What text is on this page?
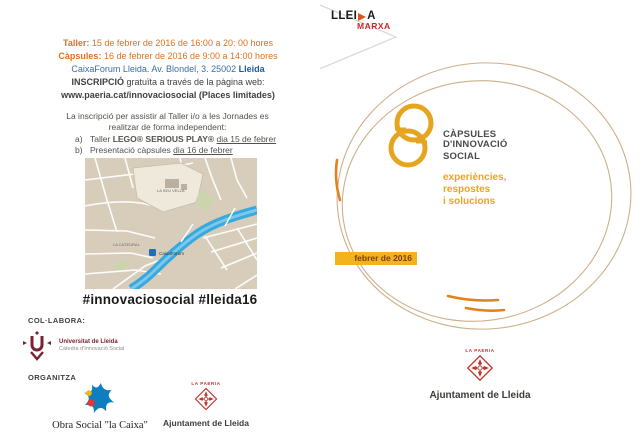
Taller: 15 de febrer de 2016 de 16:00 a 20: 00 hores
Càpsules: 16 de febrer de 2016 de 9:00 a 14:00 hores
CaixaForum Lleida. Av. Blondel, 3. 25002 Lleida
INSCRIPCIÓ gratuïta a través de la pàgina web:
www.paeria.cat/innovaciosocial (Places limitades)
La inscripció per assistir al Taller i/o a les Jornades es
realitzar de forma independent:
a) Taller LEGO® SERIOUS PLAY® dia 15 de febrer
b) Presentació càpsules dia 16 de febrer
LA SEU VELLA
LA CATEDRAL
CaixaForum
#innovaciosocial #lleida16
COL·LABORA:
Universitat de Lleida
Càtedra d'Innovació Social
ORGANITZA
Obra Social "la Caixa"
LA PAERIA
Ajuntament de Lleida
LLEI A
MARXA
CÀPSULES
D'INNOVACIÓ
SOCIAL
experiències,
respostes
i solucions
febrer de 2016
LA PAERIA
Ajuntament de Lleida
